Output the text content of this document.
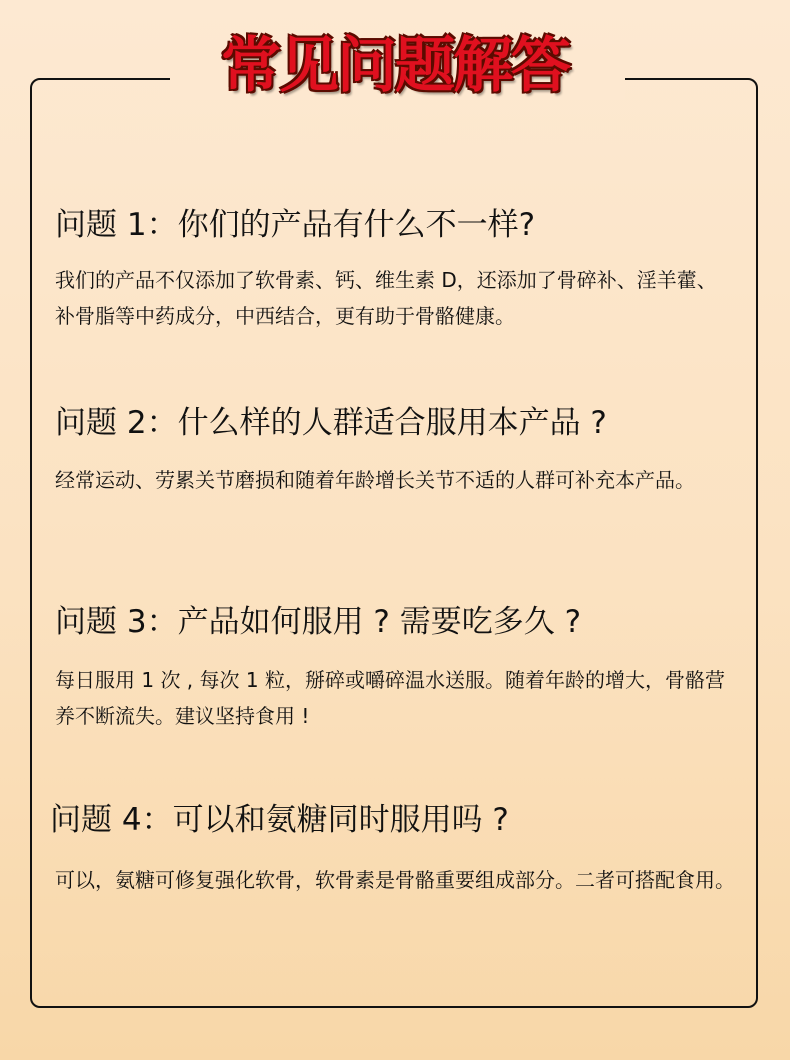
常见问题解答
问题 1：你们的产品有什么不一样?
我们的产品不仅添加了软骨素、钙、维生素 D，还添加了骨碎补、淫羊藿、补骨脂等中药成分，中西结合，更有助于骨骼健康。
问题 2：什么样的人群适合服用本产品 ?
经常运动、劳累关节磨损和随着年龄增长关节不适的人群可补充本产品。
问题 3：产品如何服用 ? 需要吃多久 ?
每日服用 1 次 , 每次 1 粒，掰碎或嚼碎温水送服。随着年龄的增大，骨骼营养不断流失。建议坚持食用 !
问题 4：可以和氨糖同时服用吗 ?
可以，氨糖可修复强化软骨，软骨素是骨骼重要组成部分。二者可搭配食用。
